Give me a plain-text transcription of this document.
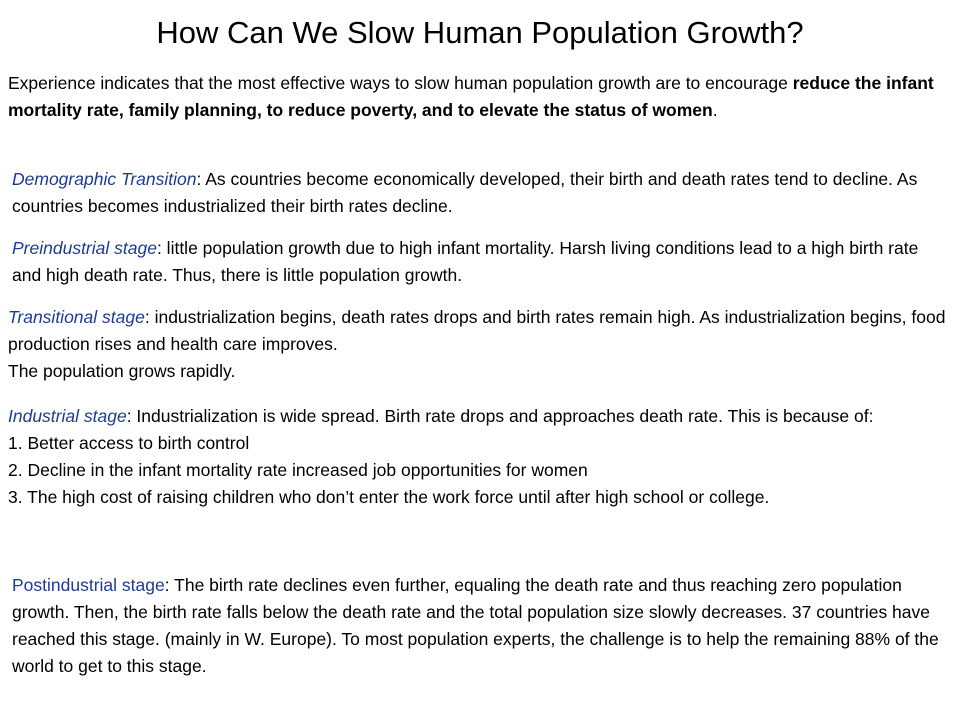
How Can We Slow Human Population Growth?
Experience indicates that the most effective ways to slow human population growth are to encourage reduce the infant mortality rate, family planning, to reduce poverty, and to elevate the status of women.
Demographic Transition: As countries become economically developed, their birth and death rates tend to decline. As countries becomes industrialized their birth rates decline.
Preindustrial stage: little population growth due to high infant mortality. Harsh living conditions lead to a high birth rate and high death rate. Thus, there is little population growth.
Transitional stage: industrialization begins, death rates drops and birth rates remain high. As industrialization begins, food production rises and health care improves.
The population grows rapidly.
Industrial stage: Industrialization is wide spread. Birth rate drops and approaches death rate. This is because of:
1. Better access to birth control
2. Decline in the infant mortality rate increased job opportunities for women
3. The high cost of raising children who don’t enter the work force until after high school or college.
Postindustrial stage: The birth rate declines even further, equaling the death rate and thus reaching zero population growth. Then, the birth rate falls below the death rate and the total population size slowly decreases. 37 countries have reached this stage. (mainly in W. Europe). To most population experts, the challenge is to help the remaining 88% of the world to get to this stage.
